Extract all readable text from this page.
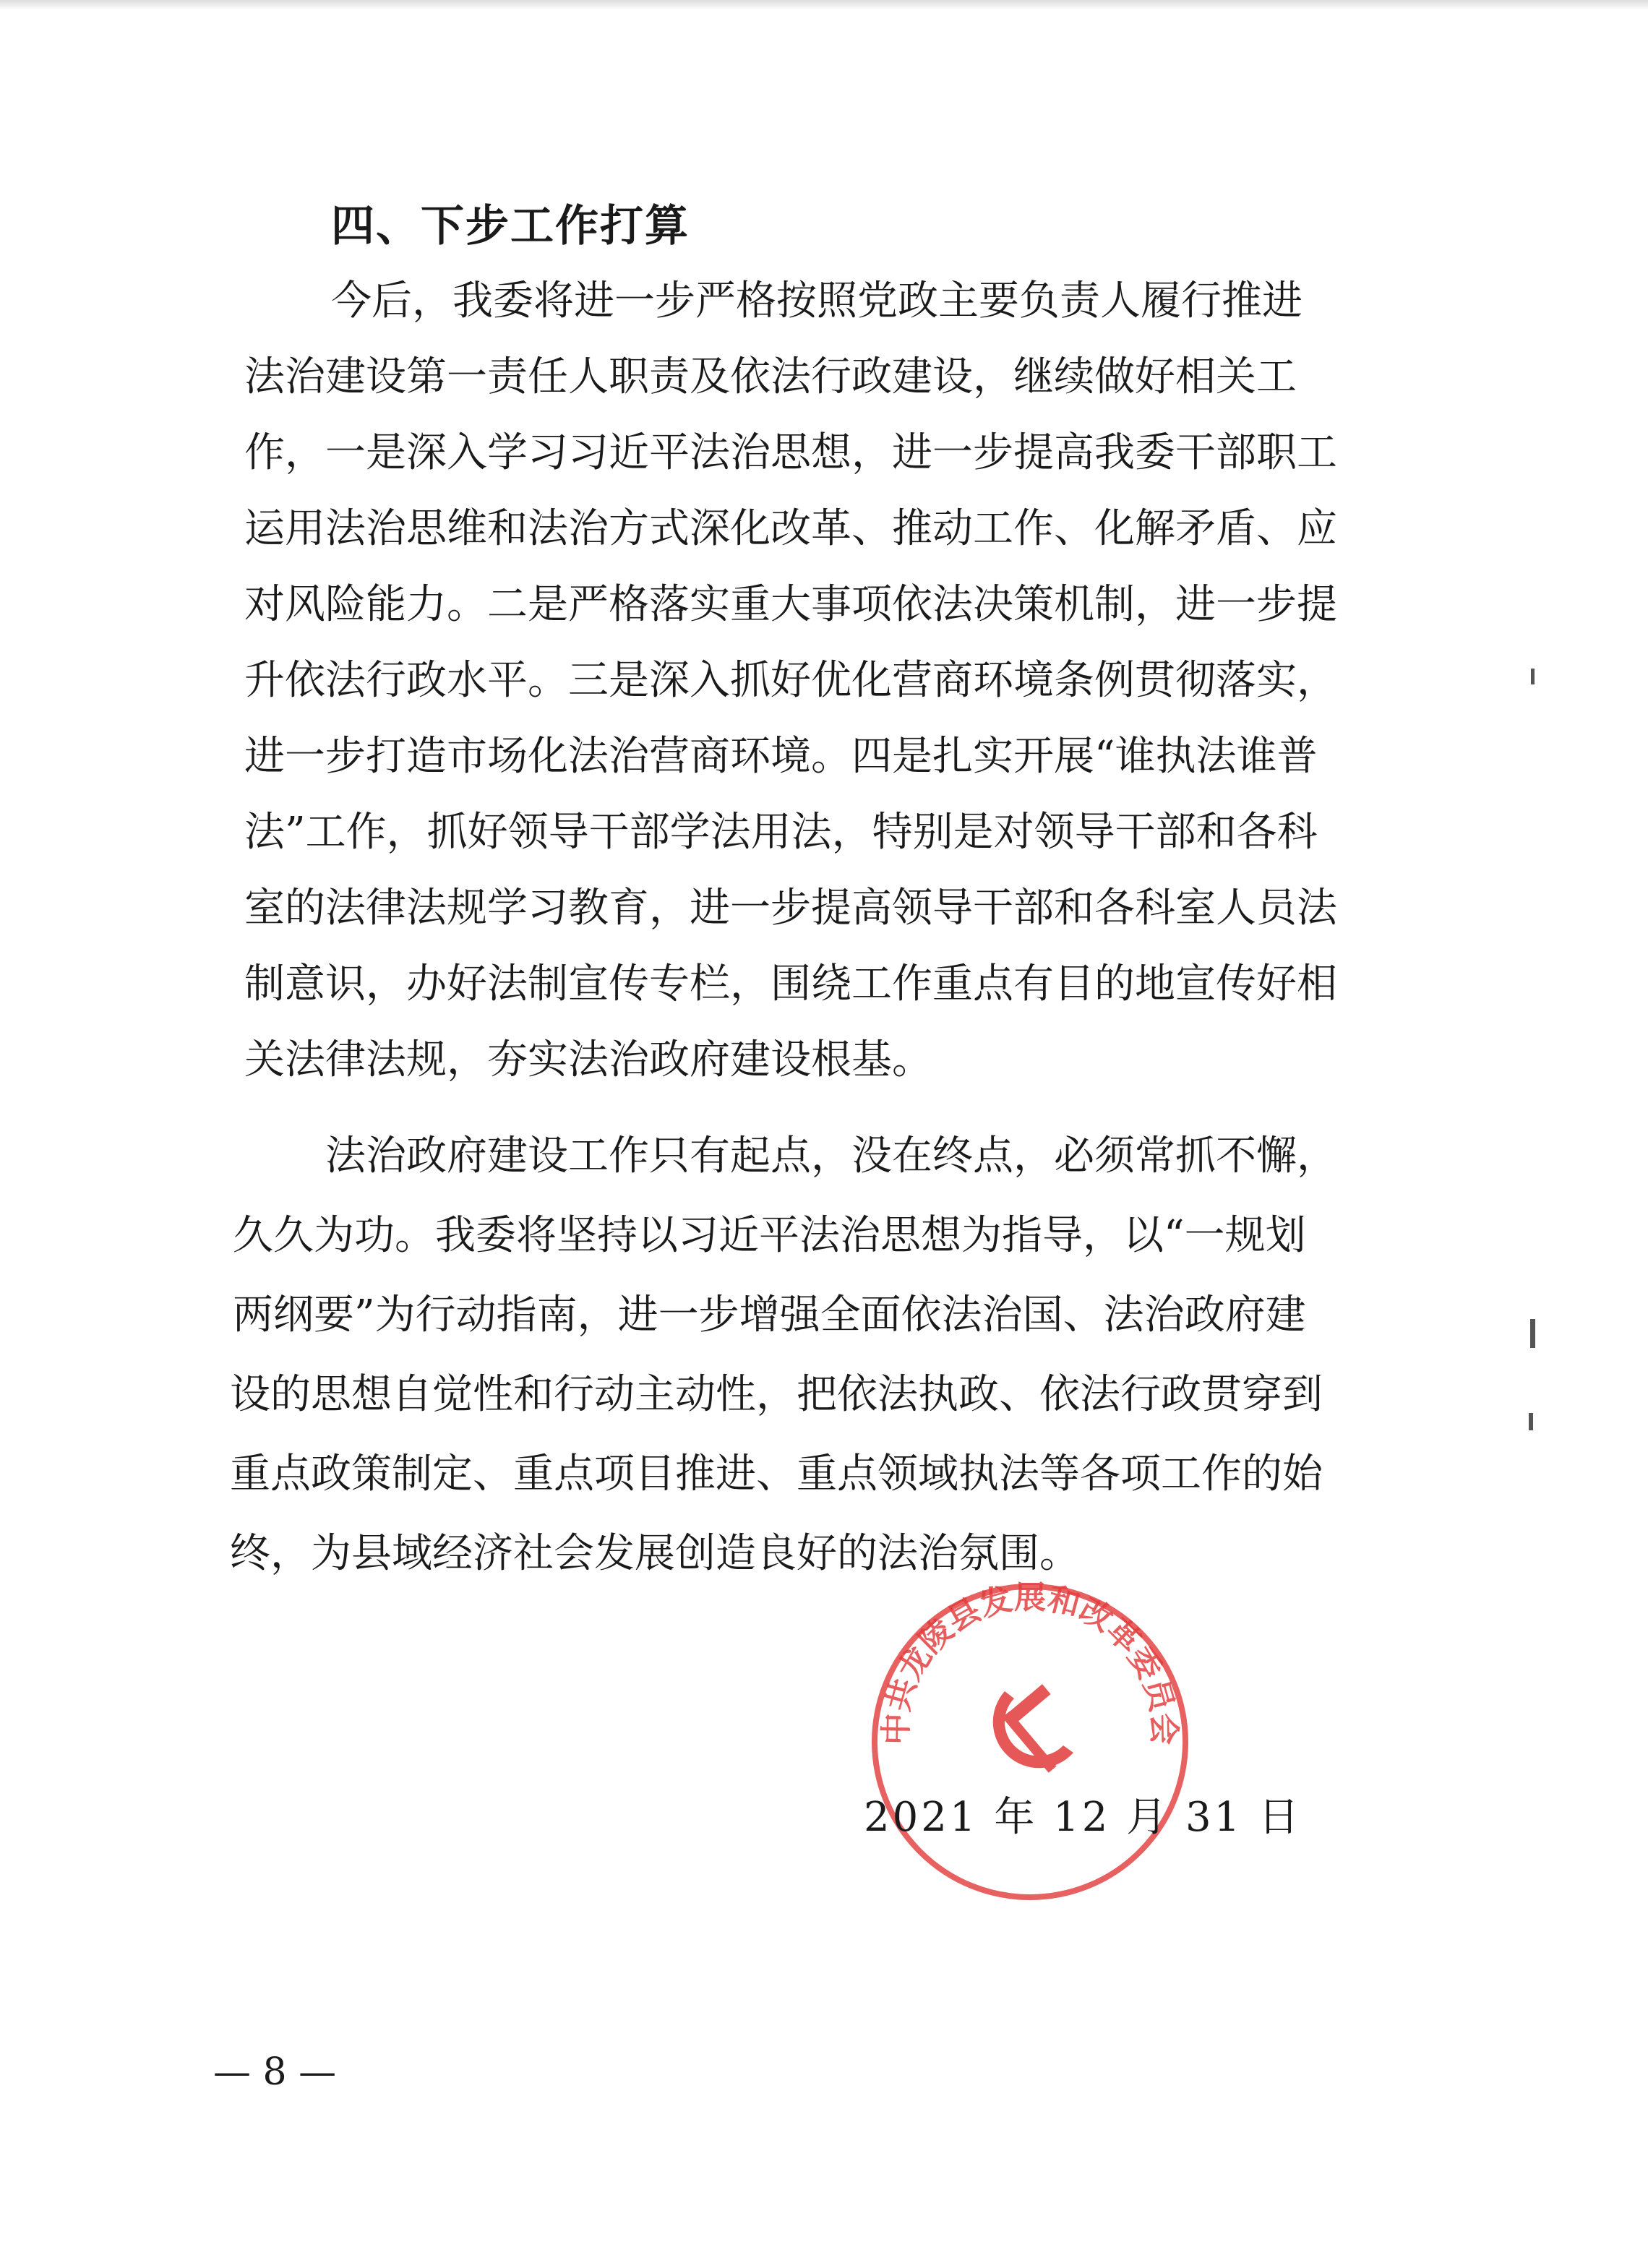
四、下步工作打算
今后，我委将进一步严格按照党政主要负责人履行推进
法治建设第一责任人职责及依法行政建设，继续做好相关工
作，一是深入学习习近平法治思想，进一步提高我委干部职工
运用法治思维和法治方式深化改革、推动工作、化解矛盾、应
对风险能力。二是严格落实重大事项依法决策机制，进一步提
升依法行政水平。三是深入抓好优化营商环境条例贯彻落实，
进一步打造市场化法治营商环境。四是扎实开展“谁执法谁普
法”工作，抓好领导干部学法用法，特别是对领导干部和各科
室的法律法规学习教育，进一步提高领导干部和各科室人员法
制意识，办好法制宣传专栏，围绕工作重点有目的地宣传好相
关法律法规，夯实法治政府建设根基。
法治政府建设工作只有起点，没在终点，必须常抓不懈，
久久为功。我委将坚持以习近平法治思想为指导，以“一规划
两纲要”为行动指南，进一步增强全面依法治国、法治政府建
设的思想自觉性和行动主动性，把依法执政、依法行政贯穿到
重点政策制定、重点项目推进、重点领域执法等各项工作的始
终，为县域经济社会发展创造良好的法治氛围。
中共龙陵县发展和改革委员会
2021 年 12 月 31 日
— 8 —
